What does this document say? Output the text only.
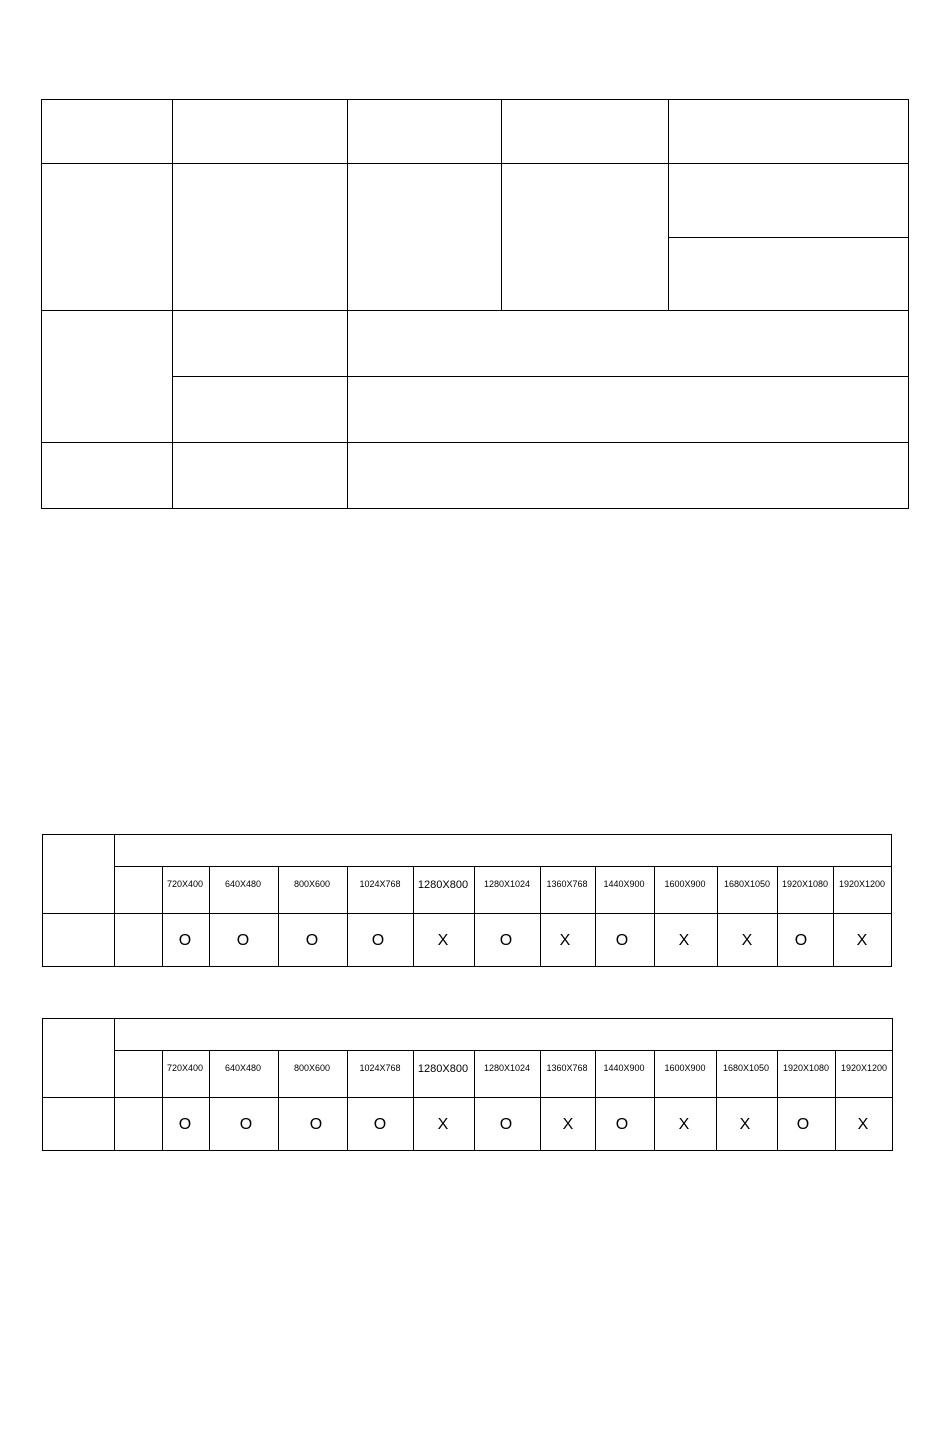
720X400 640X480	800X600	1024X768 1280X800 1280X1024 1360X768 1440X900 1600X900 1680X1050 1920X1080 1920X1200
O	O	O	O	X	O	X	O	X	X	O	X
720X400 640X480	800X600	1024X768 1280X800 1280X1024 1360X768 1440X900 1600X900 1680X1050 1920X1080 1920X1200
O	O	O	O	X	O	X	O	X	X	O	X
